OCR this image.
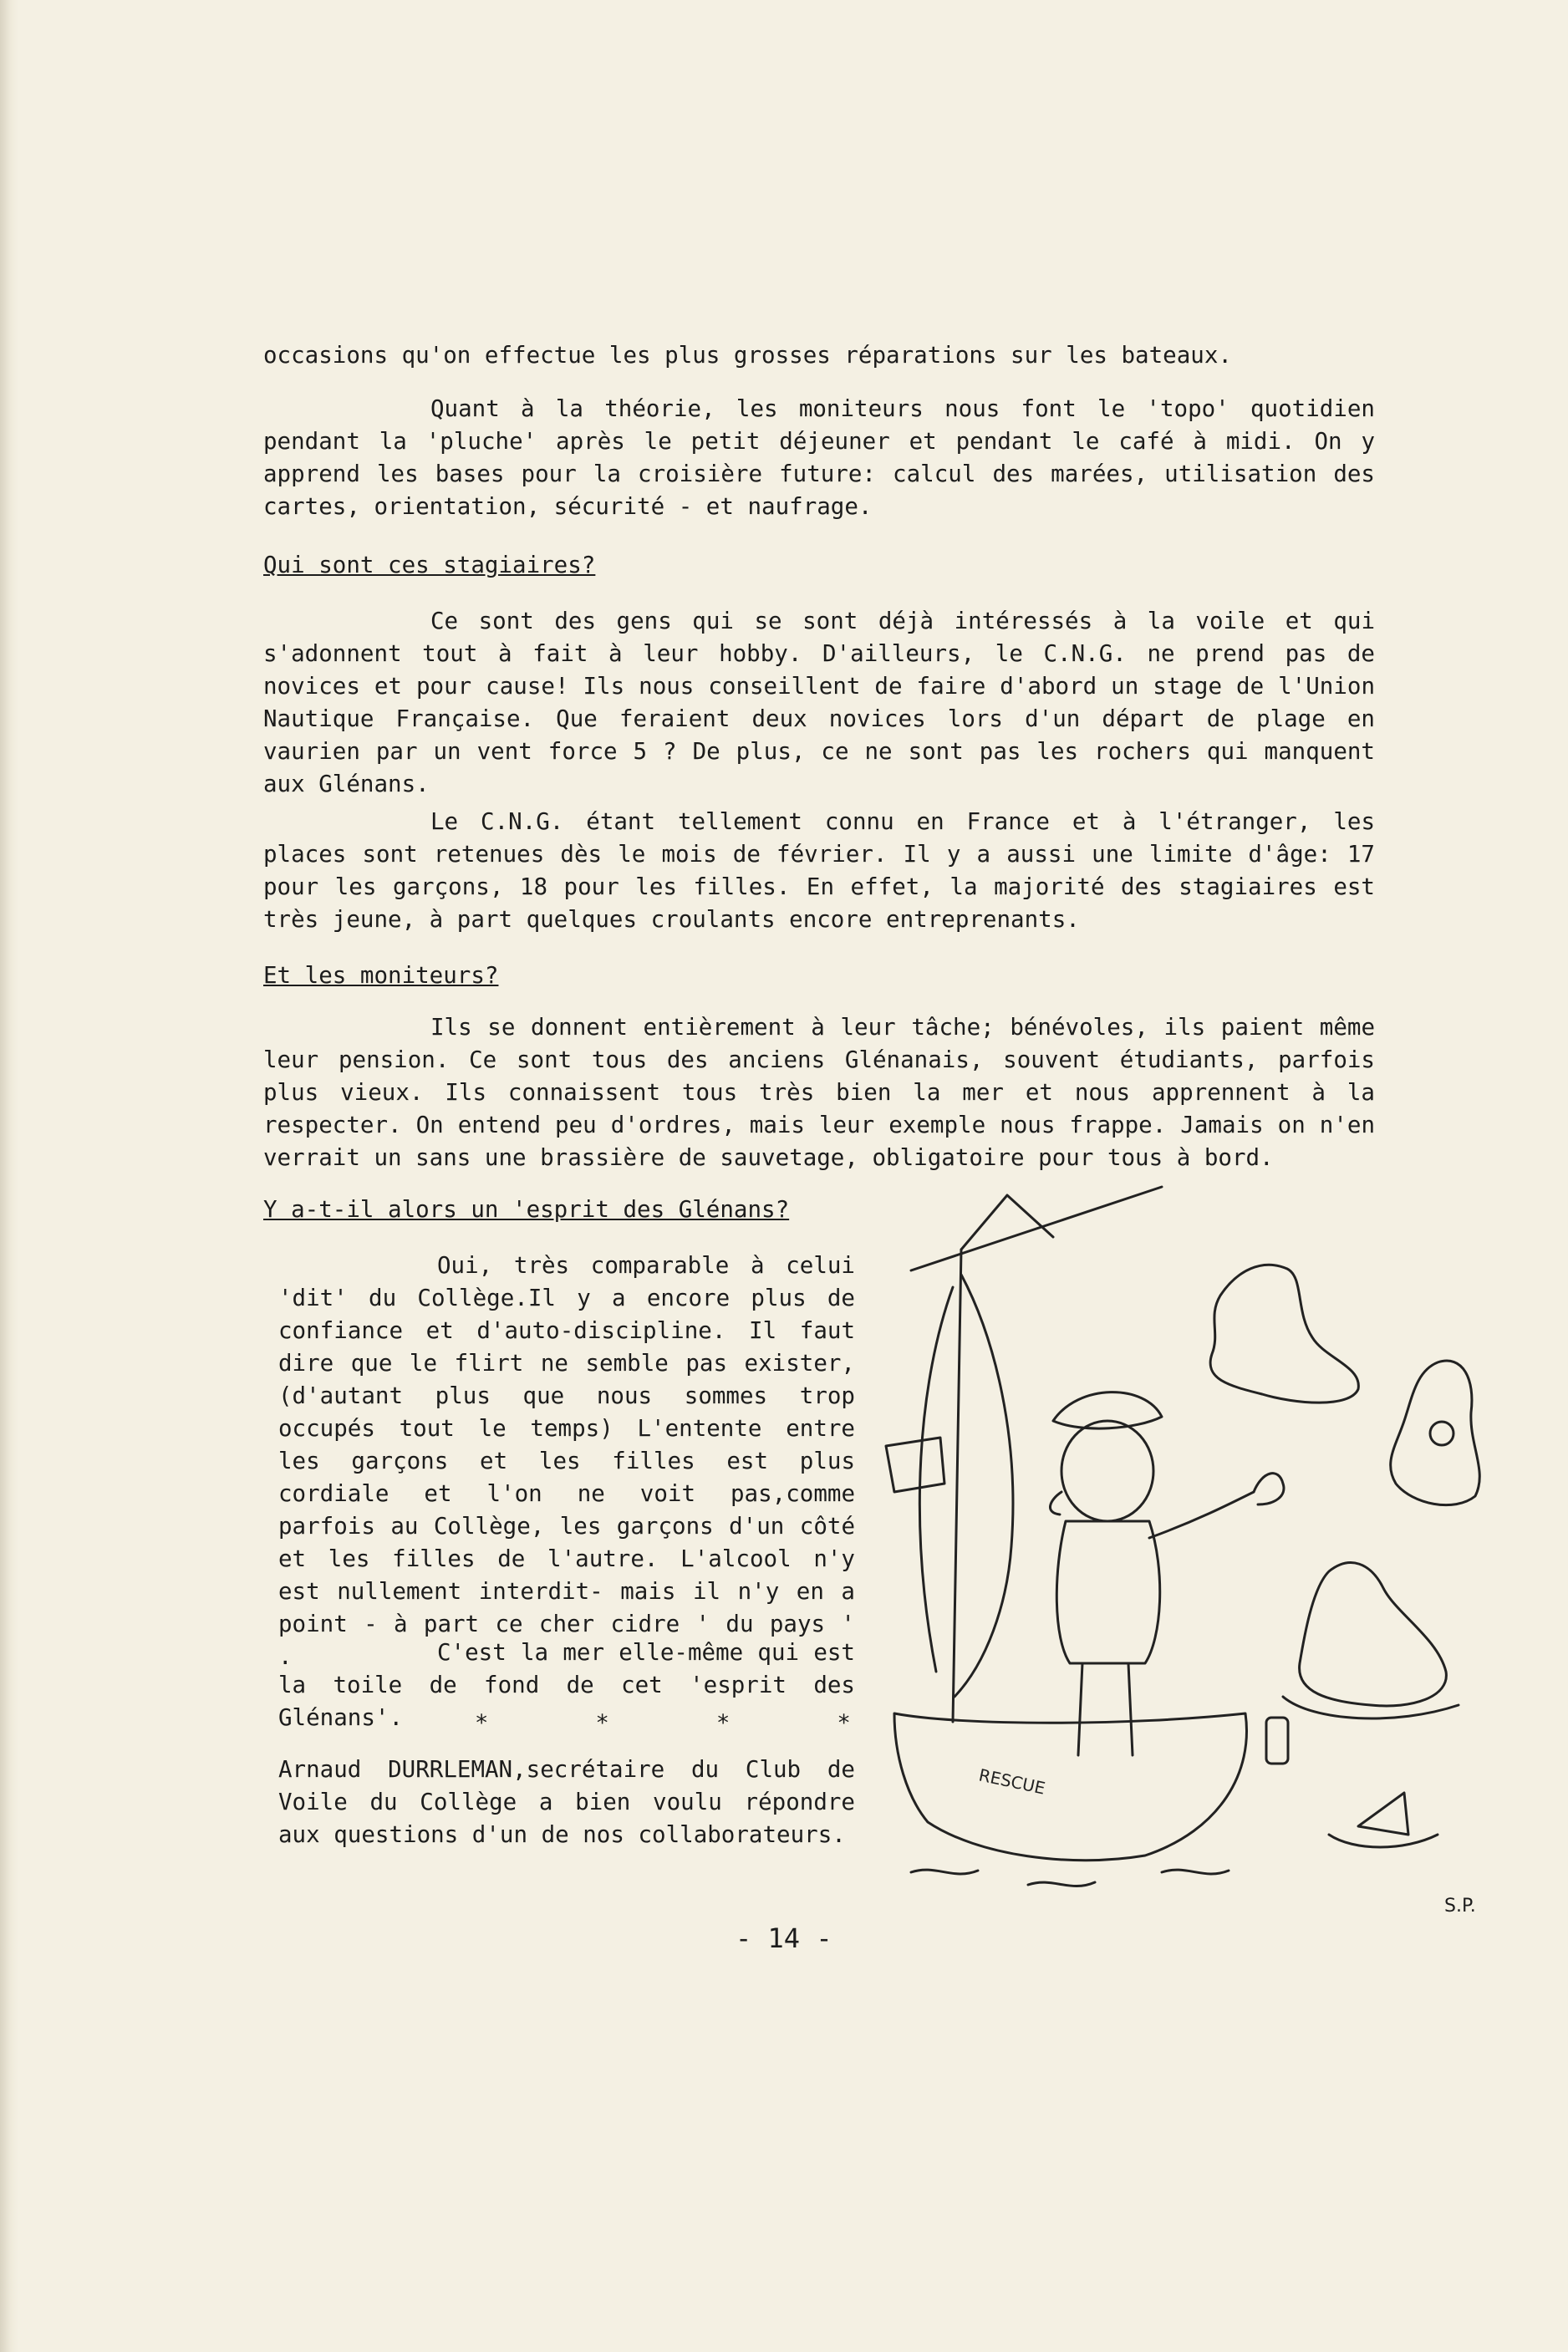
occasions qu'on effectue les plus grosses réparations sur les bateaux.

Quant à la théorie, les moniteurs nous font le 'topo' quotidien pendant la 'pluche' après le petit déjeuner et pendant le café à midi. On y apprend les bases pour la croisière future: calcul des marées, utilisation des cartes, orientation, sécurité - et naufrage.

Qui sont ces stagiaires?

Ce sont des gens qui se sont déjà intéressés à la voile et qui s'adonnent tout à fait à leur hobby. D'ailleurs, le C.N.G. ne prend pas de novices et pour cause! Ils nous conseillent de faire d'abord un stage de l'Union Nautique Française. Que feraient deux novices lors d'un départ de plage en vaurien par un vent force 5 ? De plus, ce ne sont pas les rochers qui manquent aux Glénans.

Le C.N.G. étant tellement connu en France et à l'étranger, les places sont retenues dès le mois de février. Il y a aussi une limite d'âge: 17 pour les garçons, 18 pour les filles. En effet, la majorité des stagiaires est très jeune, à part quelques croulants encore entreprenants.

Et les moniteurs?

Ils se donnent entièrement à leur tâche; bénévoles, ils paient même leur pension. Ce sont tous des anciens Glénanais, souvent étudiants, parfois plus vieux. Ils connaissent tous très bien la mer et nous apprennent à la respecter. On entend peu d'ordres, mais leur exemple nous frappe. Jamais on n'en verrait un sans une brassière de sauvetage, obligatoire pour tous à bord.

Y a-t-il alors un 'esprit des Glénans?

Oui, très comparable à celui 'dit' du Collège.Il y a encore plus de confiance et d'auto-discipline. Il faut dire que le flirt ne semble pas exister, (d'autant plus que nous sommes trop occupés tout le temps) L'entente entre les garçons et les filles est plus cordiale et l'on ne voit pas,comme parfois au Collège, les garçons d'un côté et les filles de l'autre. L'alcool n'y est nullement interdit- mais il n'y en a point - à part ce cher cidre ' du pays ' .	C'est la mer elle-même qui est la toile de fond de cet 'esprit des Glénans'.	* * * *

Arnaud DURRLEMAN,secrétaire du Club de Voile du Collège a bien voulu répondre aux questions d'un de nos collaborateurs.

RESCUE
S.P.
- 14 -
